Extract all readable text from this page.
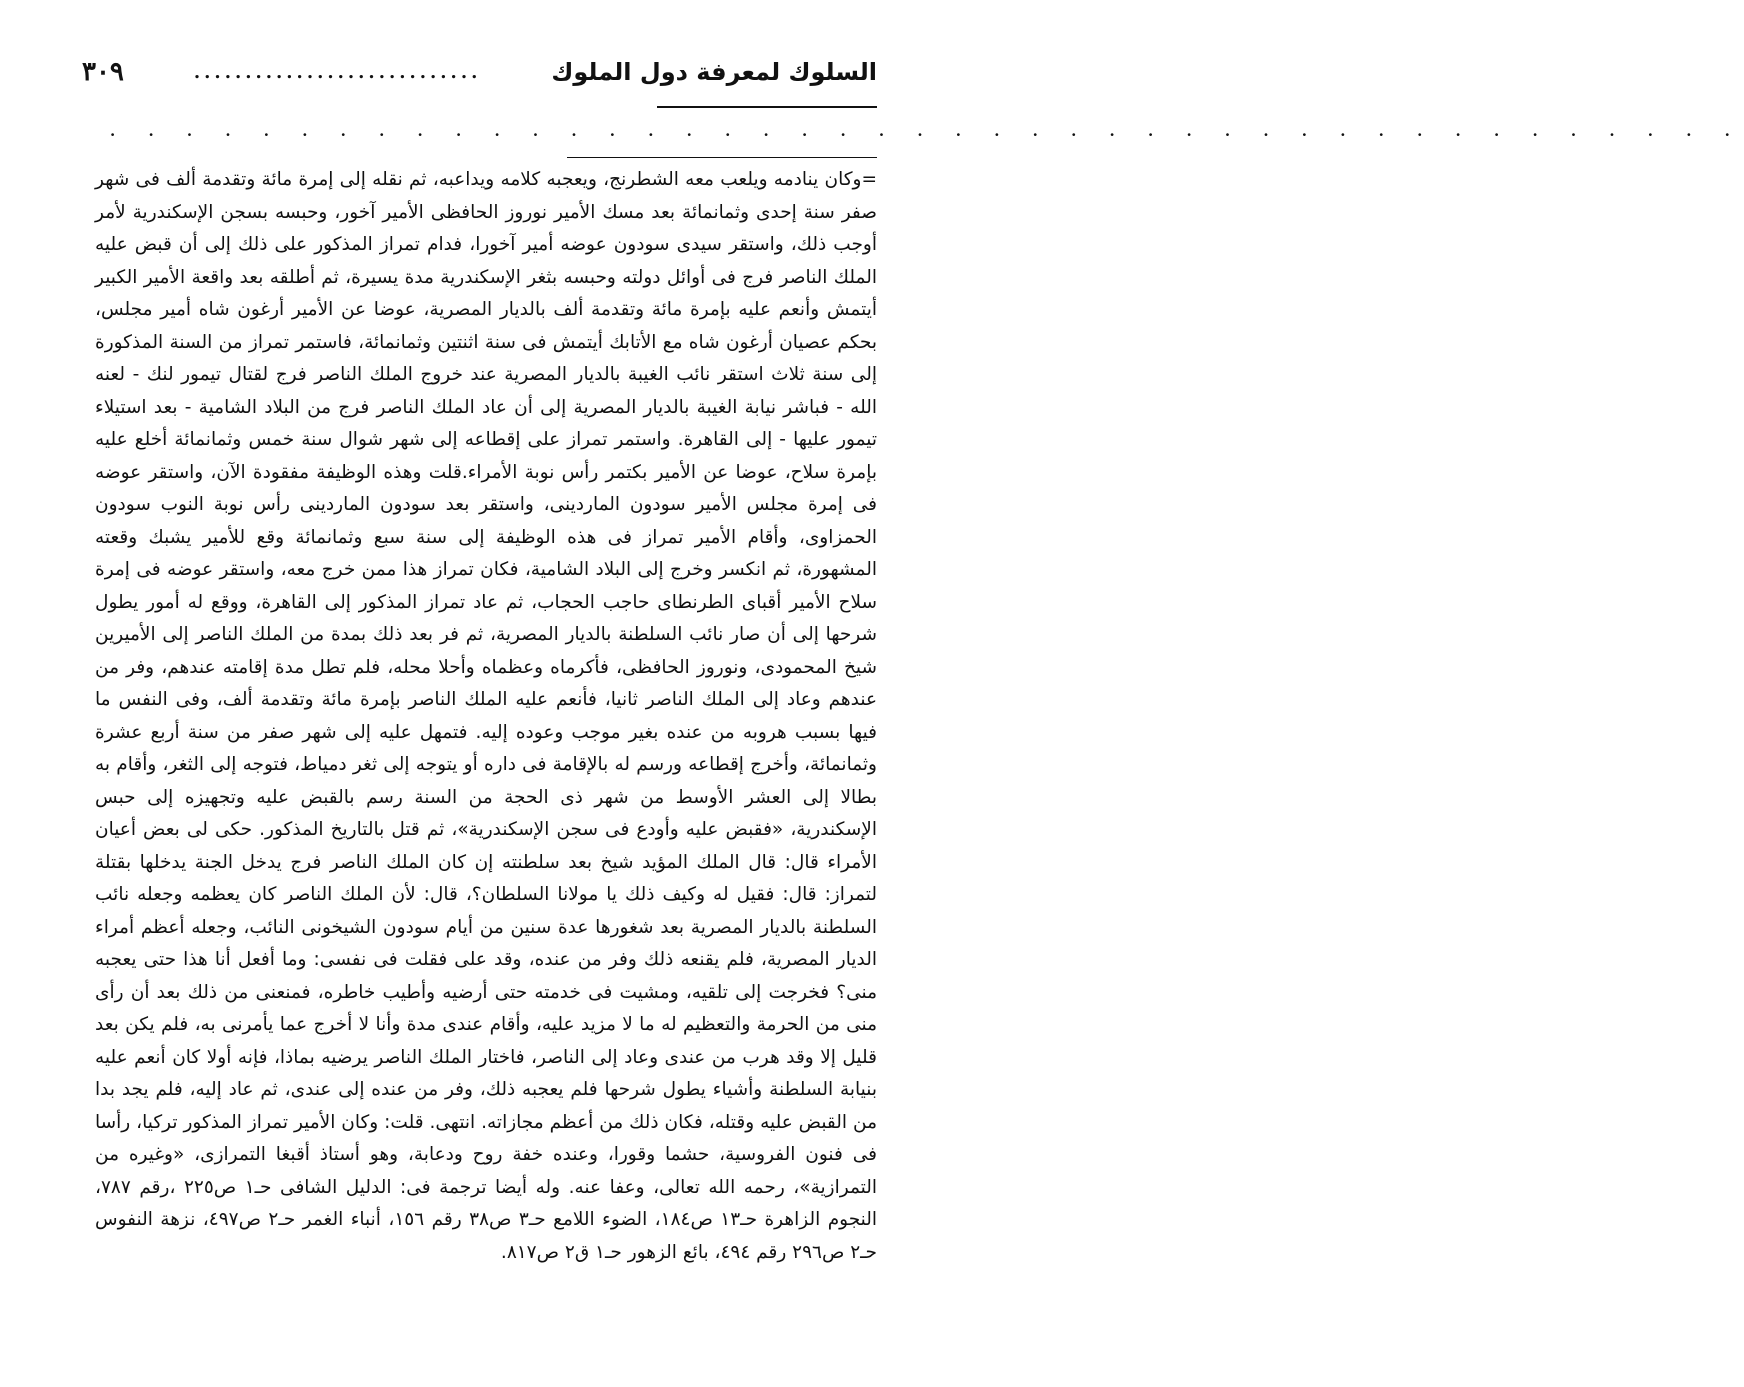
٣٠٩	............................	السلوك لمعرفة دول الملوك
. . . . . . . . . . . . . . . . . . . . . . . . . . . . . . . . . . . . . . . . . . .

=وكان ينادمه ويلعب معه الشطرنج، ويعجبه كلامه ويداعبه، ثم نقله إلى إمرة مائة وتقدمة ألف فى شهر صفر سنة إحدى وثمانمائة بعد مسك الأمير نوروز الحافظى الأمير آخور، وحبسه بسجن الإسكندرية لأمر أوجب ذلك، واستقر سيدى سودون عوضه أمير آخورا، فدام تمراز المذكور على ذلك إلى أن قبض عليه الملك الناصر فرج فى أوائل دولته وحبسه بثغر الإسكندرية مدة يسيرة، ثم أطلقه بعد واقعة الأمير الكبير أيتمش وأنعم عليه بإمرة مائة وتقدمة ألف بالديار المصرية، عوضا عن الأمير أرغون شاه أمير مجلس، بحكم عصيان أرغون شاه مع الأتابك أيتمش فى سنة اثنتين وثمانمائة، فاستمر تمراز من السنة المذكورة إلى سنة ثلاث استقر نائب الغيبة بالديار المصرية عند خروج الملك الناصر فرج لقتال تيمور لنك - لعنه الله - فباشر نيابة الغيبة بالديار المصرية إلى أن عاد الملك الناصر فرج من البلاد الشامية - بعد استيلاء تيمور عليها - إلى القاهرة. واستمر تمراز على إقطاعه إلى شهر شوال سنة خمس وثمانمائة أخلع عليه بإمرة سلاح، عوضا عن الأمير بكتمر رأس نوبة الأمراء.قلت وهذه الوظيفة مفقودة الآن، واستقر عوضه فى إمرة مجلس الأمير سودون الماردينى، واستقر بعد سودون الماردينى رأس نوبة النوب سودون الحمزاوى، وأقام الأمير تمراز فى هذه الوظيفة إلى سنة سبع وثمانمائة وقع للأمير يشبك وقعته المشهورة، ثم انكسر وخرج إلى البلاد الشامية، فكان تمراز هذا ممن خرج معه، واستقر عوضه فى إمرة سلاح الأمير أقباى الطرنطاى حاجب الحجاب، ثم عاد تمراز المذكور إلى القاهرة، ووقع له أمور يطول شرحها إلى أن صار نائب السلطنة بالديار المصرية، ثم فر بعد ذلك بمدة من الملك الناصر إلى الأميرين شيخ المحمودى، ونوروز الحافظى، فأكرماه وعظماه وأحلا محله، فلم تطل مدة إقامته عندهم، وفر من عندهم وعاد إلى الملك الناصر ثانيا، فأنعم عليه الملك الناصر بإمرة مائة وتقدمة ألف، وفى النفس ما فيها بسبب هروبه من عنده بغير موجب وعوده إليه. فتمهل عليه إلى شهر صفر من سنة أربع عشرة وثمانمائة، وأخرج إقطاعه ورسم له بالإقامة فى داره أو يتوجه إلى ثغر دمياط، فتوجه إلى الثغر، وأقام به بطالا إلى العشر الأوسط من شهر ذى الحجة من السنة رسم بالقبض عليه وتجهيزه إلى حبس الإسكندرية، «فقبض عليه وأودع فى سجن الإسكندرية»، ثم قتل بالتاريخ المذكور. حكى لى بعض أعيان الأمراء قال: قال الملك المؤيد شيخ بعد سلطنته إن كان الملك الناصر فرج يدخل الجنة يدخلها بقتلة لتمراز: قال: فقيل له وكيف ذلك يا مولانا السلطان؟، قال: لأن الملك الناصر كان يعظمه وجعله نائب السلطنة بالديار المصرية بعد شغورها عدة سنين من أيام سودون الشيخونى النائب، وجعله أعظم أمراء الديار المصرية، فلم يقنعه ذلك وفر من عنده، وقد على فقلت فى نفسى: وما أفعل أنا هذا حتى يعجبه منى؟ فخرجت إلى تلقيه، ومشيت فى خدمته حتى أرضيه وأطيب خاطره، فمنعنى من ذلك بعد أن رأى منى من الحرمة والتعظيم له ما لا مزيد عليه، وأقام عندى مدة وأنا لا أخرج عما يأمرنى به، فلم يكن بعد قليل إلا وقد هرب من عندى وعاد إلى الناصر، فاختار الملك الناصر يرضيه بماذا، فإنه أولا كان أنعم عليه بنيابة السلطنة وأشياء يطول شرحها فلم يعجبه ذلك، وفر من عنده إلى عندى، ثم عاد إليه، فلم يجد بدا من القبض عليه وقتله، فكان ذلك من أعظم مجازاته. انتهى. قلت: وكان الأمير تمراز المذكور تركيا، رأسا فى فنون الفروسية، حشما وقورا، وعنده خفة روح ودعابة، وهو أستاذ أقبغا التمرازى، «وغيره من التمرازية»، رحمه الله تعالى، وعفا عنه. وله أيضا ترجمة فى: الدليل الشافى حـ١ ص٢٢٥ ،رقم ٧٨٧، النجوم الزاهرة حـ١٣ ص١٨٤، الضوء اللامع حـ٣ ص٣٨ رقم ١٥٦، أنباء الغمر حـ٢ ص٤٩٧، نزهة النفوس حـ٢ ص٢٩٦ رقم ٤٩٤، بائع الزهور حـ١ ق٢ ص٨١٧.
